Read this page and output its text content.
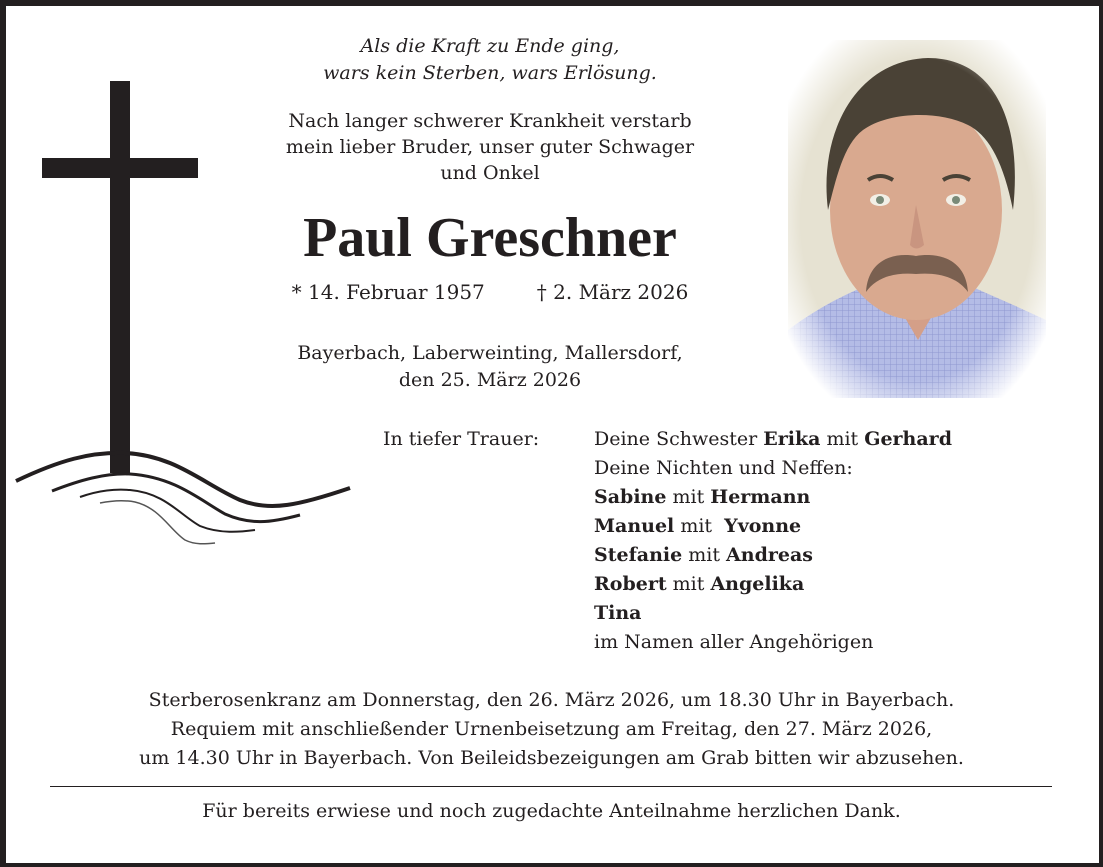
Als die Kraft zu Ende ging,
wars kein Sterben, wars Erlösung.
Nach langer schwerer Krankheit verstarb
mein lieber Bruder, unser guter Schwager
und Onkel
Paul Greschner
* 14. Februar 1957	† 2. März 2026
Bayerbach, Laberweinting, Mallersdorf,
den 25. März 2026
In tiefer Trauer:	Deine Schwester Erika mit Gerhard
Deine Nichten und Neffen:
Sabine mit Hermann
Manuel mit  Yvonne
Stefanie mit Andreas
Robert mit Angelika
Tina
im Namen aller Angehörigen
Sterberosenkranz am Donnerstag, den 26. März 2026, um 18.30 Uhr in Bayerbach.
Requiem mit anschließender Urnenbeisetzung am Freitag, den 27. März 2026,
um 14.30 Uhr in Bayerbach. Von Beileidsbezeigungen am Grab bitten wir abzusehen.
Für bereits erwiese und noch zugedachte Anteilnahme herzlichen Dank.
